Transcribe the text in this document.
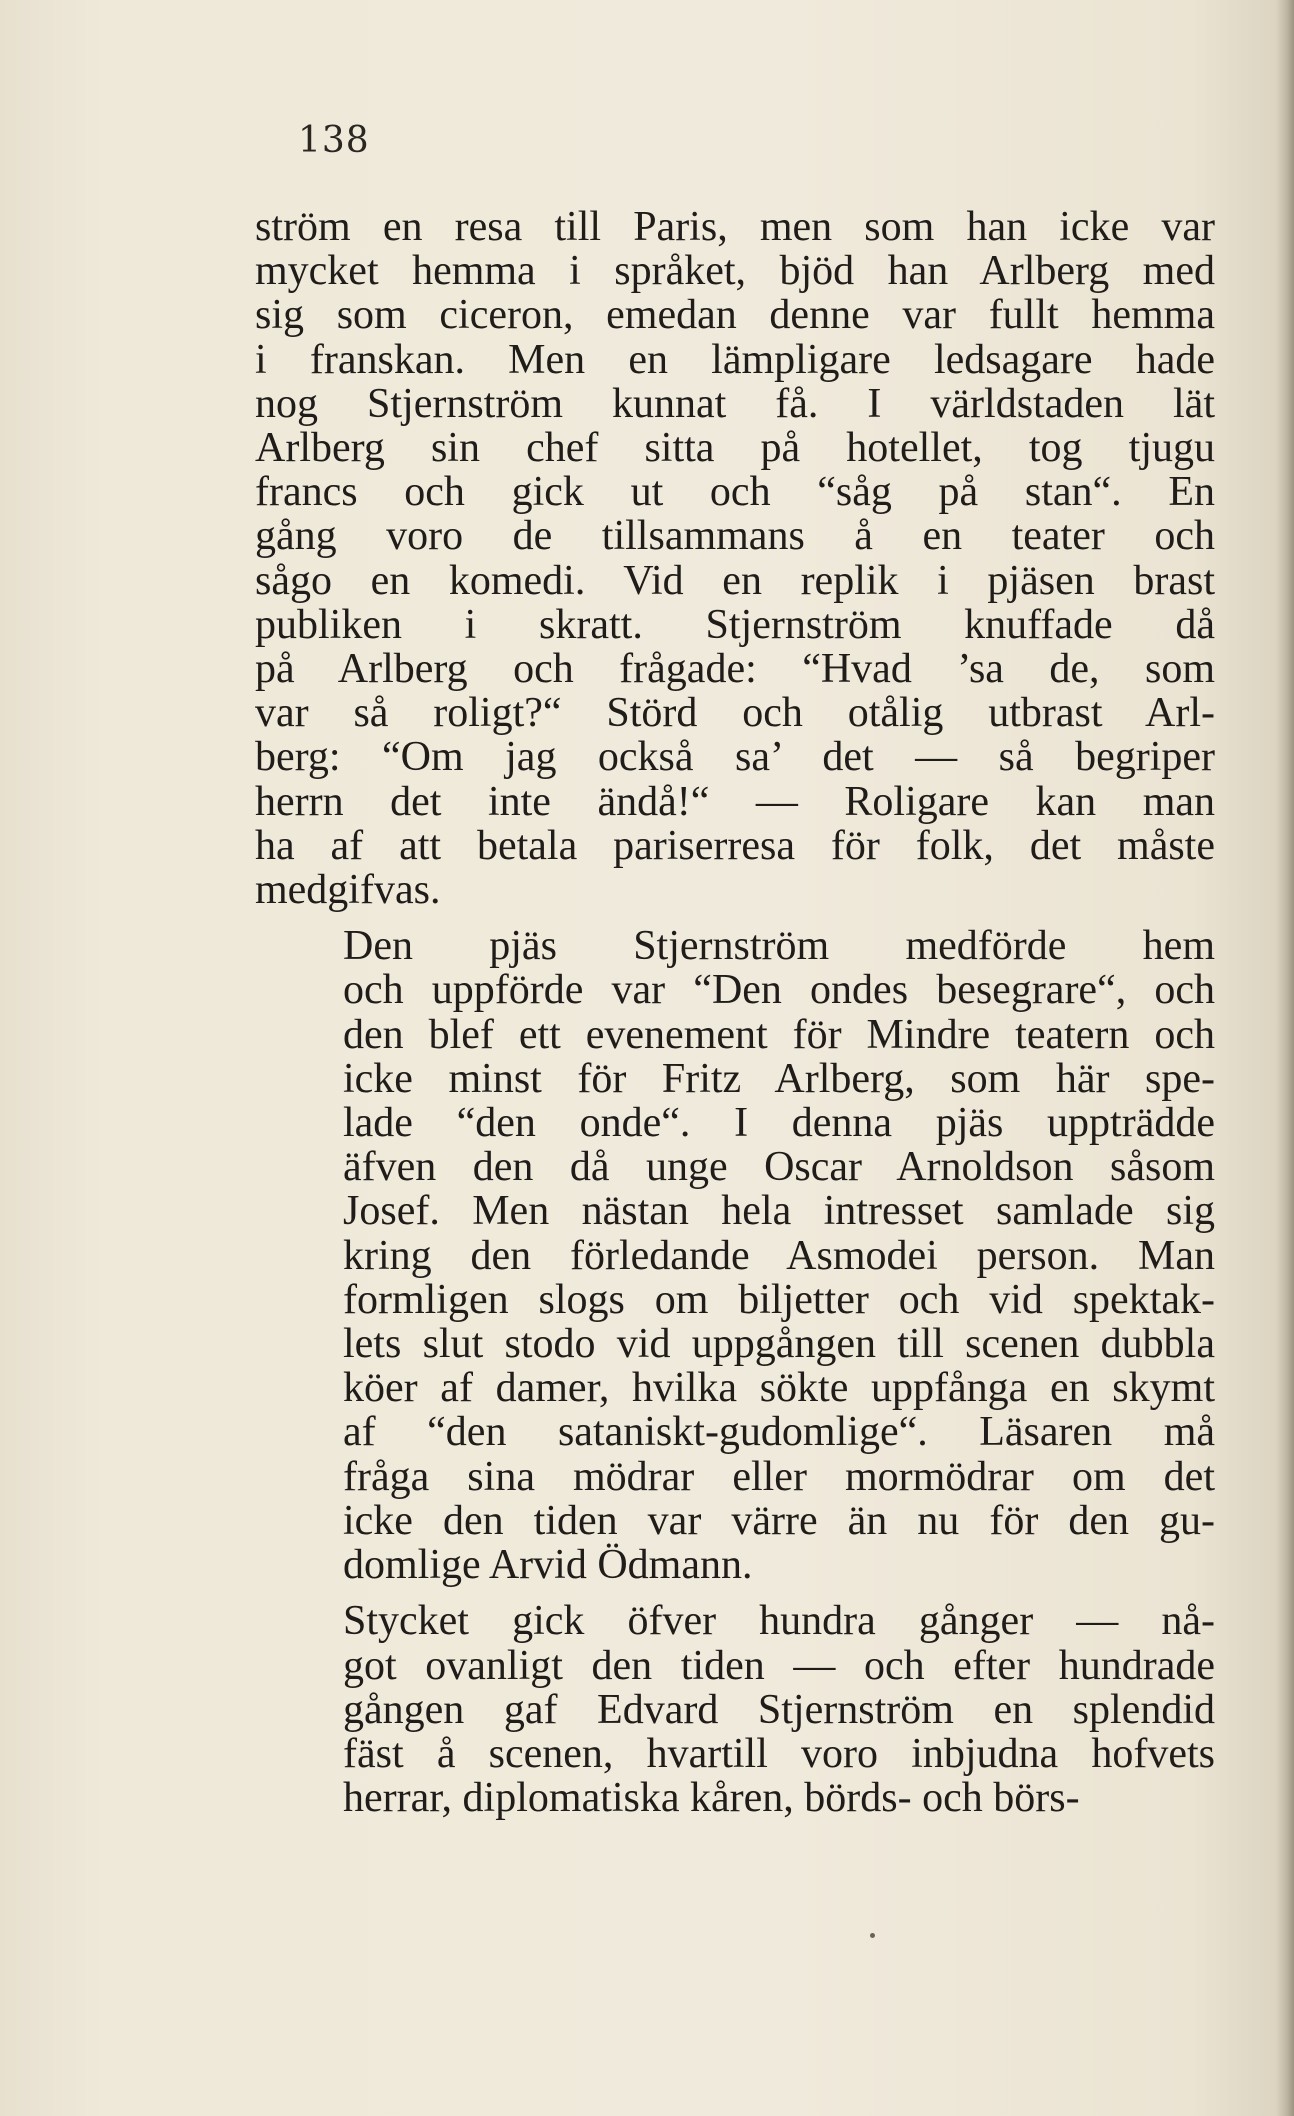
138

ström en resa till Paris, men som han icke var
mycket hemma i språket, bjöd han Arlberg med
sig som ciceron, emedan denne var fullt hemma
i franskan. Men en lämpligare ledsagare hade
nog Stjernström kunnat få. I världstaden lät
Arlberg sin chef sitta på hotellet, tog tjugu
francs och gick ut och “såg på stan“. En
gång voro de tillsammans å en teater och
sågo en komedi. Vid en replik i pjäsen brast
publiken i skratt. Stjernström knuffade då
på Arlberg och frågade: “Hvad ’sa de, som
var så roligt?“ Störd och otålig utbrast Arl-
berg: “Om jag också sa’ det — så begriper
herrn det inte ändå!“ — Roligare kan man
ha af att betala pariserresa för folk, det måste
medgifvas.

Den pjäs Stjernström medförde hem
och uppförde var “Den ondes besegrare“, och
den blef ett evenement för Mindre teatern och
icke minst för Fritz Arlberg, som här spe-
lade “den onde“. I denna pjäs uppträdde
äfven den då unge Oscar Arnoldson såsom
Josef. Men nästan hela intresset samlade sig
kring den förledande Asmodei person. Man
formligen slogs om biljetter och vid spektak-
lets slut stodo vid uppgången till scenen dubbla
köer af damer, hvilka sökte uppfånga en skymt
af “den sataniskt-gudomlige“. Läsaren må
fråga sina mödrar eller mormödrar om det
icke den tiden var värre än nu för den gu-
domlige Arvid Ödmann.

Stycket gick öfver hundra gånger — nå-
got ovanligt den tiden — och efter hundrade
gången gaf Edvard Stjernström en splendid
fäst å scenen, hvartill voro inbjudna hofvets
herrar, diplomatiska kåren, börds- och börs-
